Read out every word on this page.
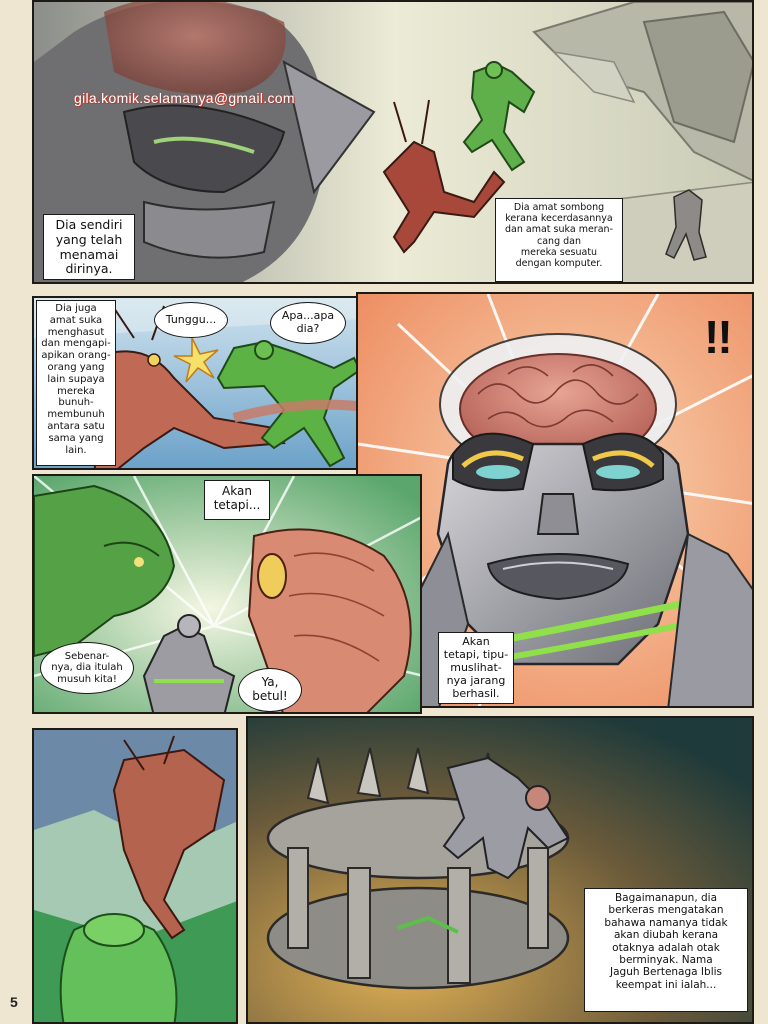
gila.komik.selamanya@gmail.com
Dia sendiri
yang telah
menamai
dirinya.
Dia amat sombong
kerana kecerdasannya
dan amat suka meran-
cang dan
mereka sesuatu
dengan komputer.
Dia juga
amat suka
menghasut
dan mengapi-
apikan orang-
orang yang
lain supaya
mereka
bunuh-
membunuh
antara satu
sama yang
lain.
Tunggu...	Apa...apa
dia?	!!
Akan
tetapi, tipu-
muslihat-
nya jarang
berhasil.
Akan
tetapi...
Sebenar-
nya, dia itulah
musuh kita!	Ya,
betul!
Bagaimanapun, dia
berkeras mengatakan
bahawa namanya tidak
akan diubah kerana
otaknya adalah otak
berminyak. Nama
Jaguh Bertenaga Iblis
keempat ini ialah...
5
